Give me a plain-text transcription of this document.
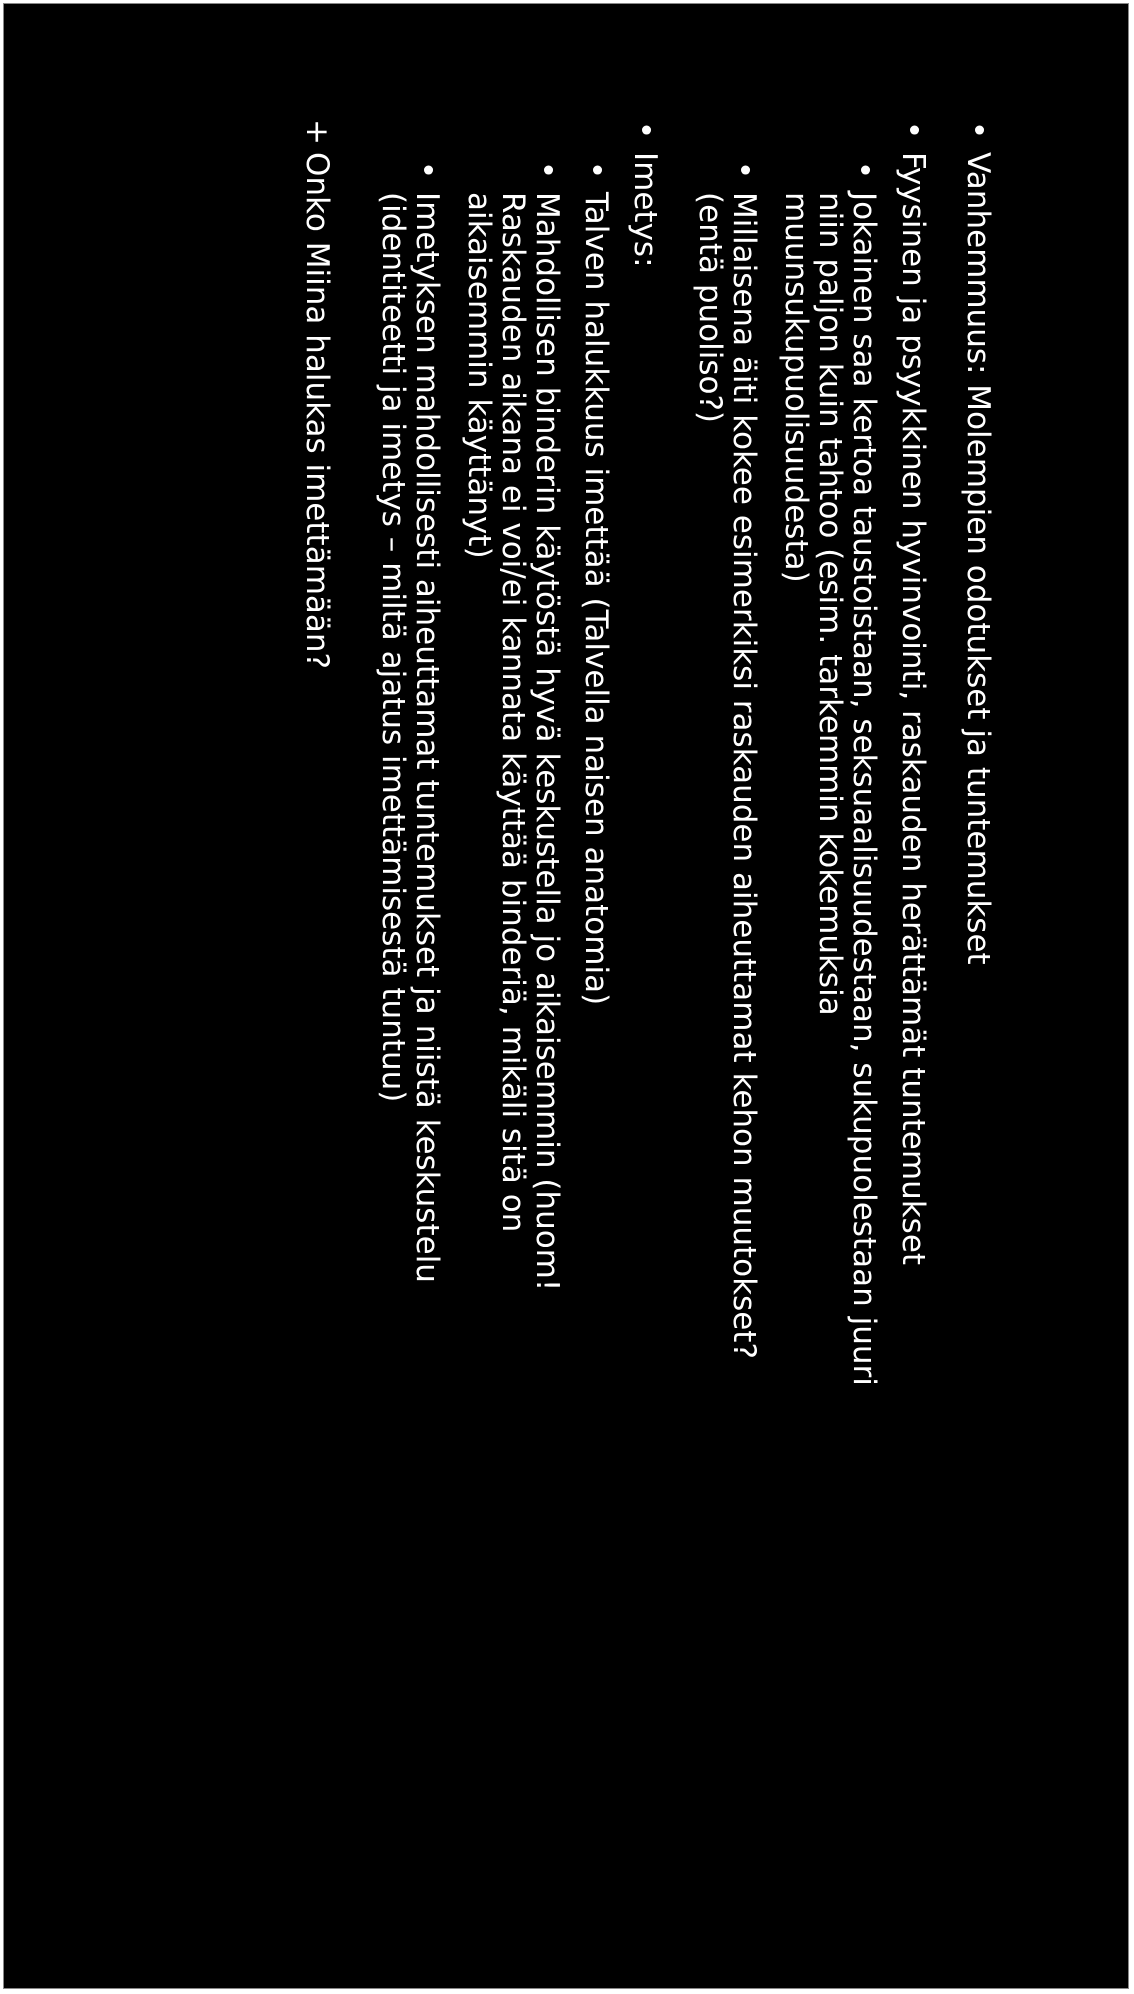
•
Vanhemmuus: Molempien odotukset ja tuntemukset
•
Fyysinen ja psyykkinen hyvinvointi, raskauden herättämät tuntemukset
•
Jokainen saa kertoa taustoistaan, seksuaalisuudestaan, sukupuolestaan juuri
niin paljon kuin tahtoo (esim. tarkemmin kokemuksia
muunsukupuolisuudesta)
•
Millaisena äiti kokee esimerkiksi raskauden aiheuttamat kehon muutokset?
(entä puoliso?)
•
Imetys:
•
Talven halukkuus imettää (Talvella naisen anatomia)
•
Mahdollisen binderin käytöstä hyvä keskustella jo aikaisemmin (huom!
Raskauden aikana ei voi/ei kannata käyttää binderiä, mikäli sitä on
aikaisemmin käyttänyt)
•
Imetyksen mahdollisesti aiheuttamat tuntemukset ja niistä keskustelu
(identiteetti ja imetys – miltä ajatus imettämisestä tuntuu)
+
Onko Miina halukas imettämään?
